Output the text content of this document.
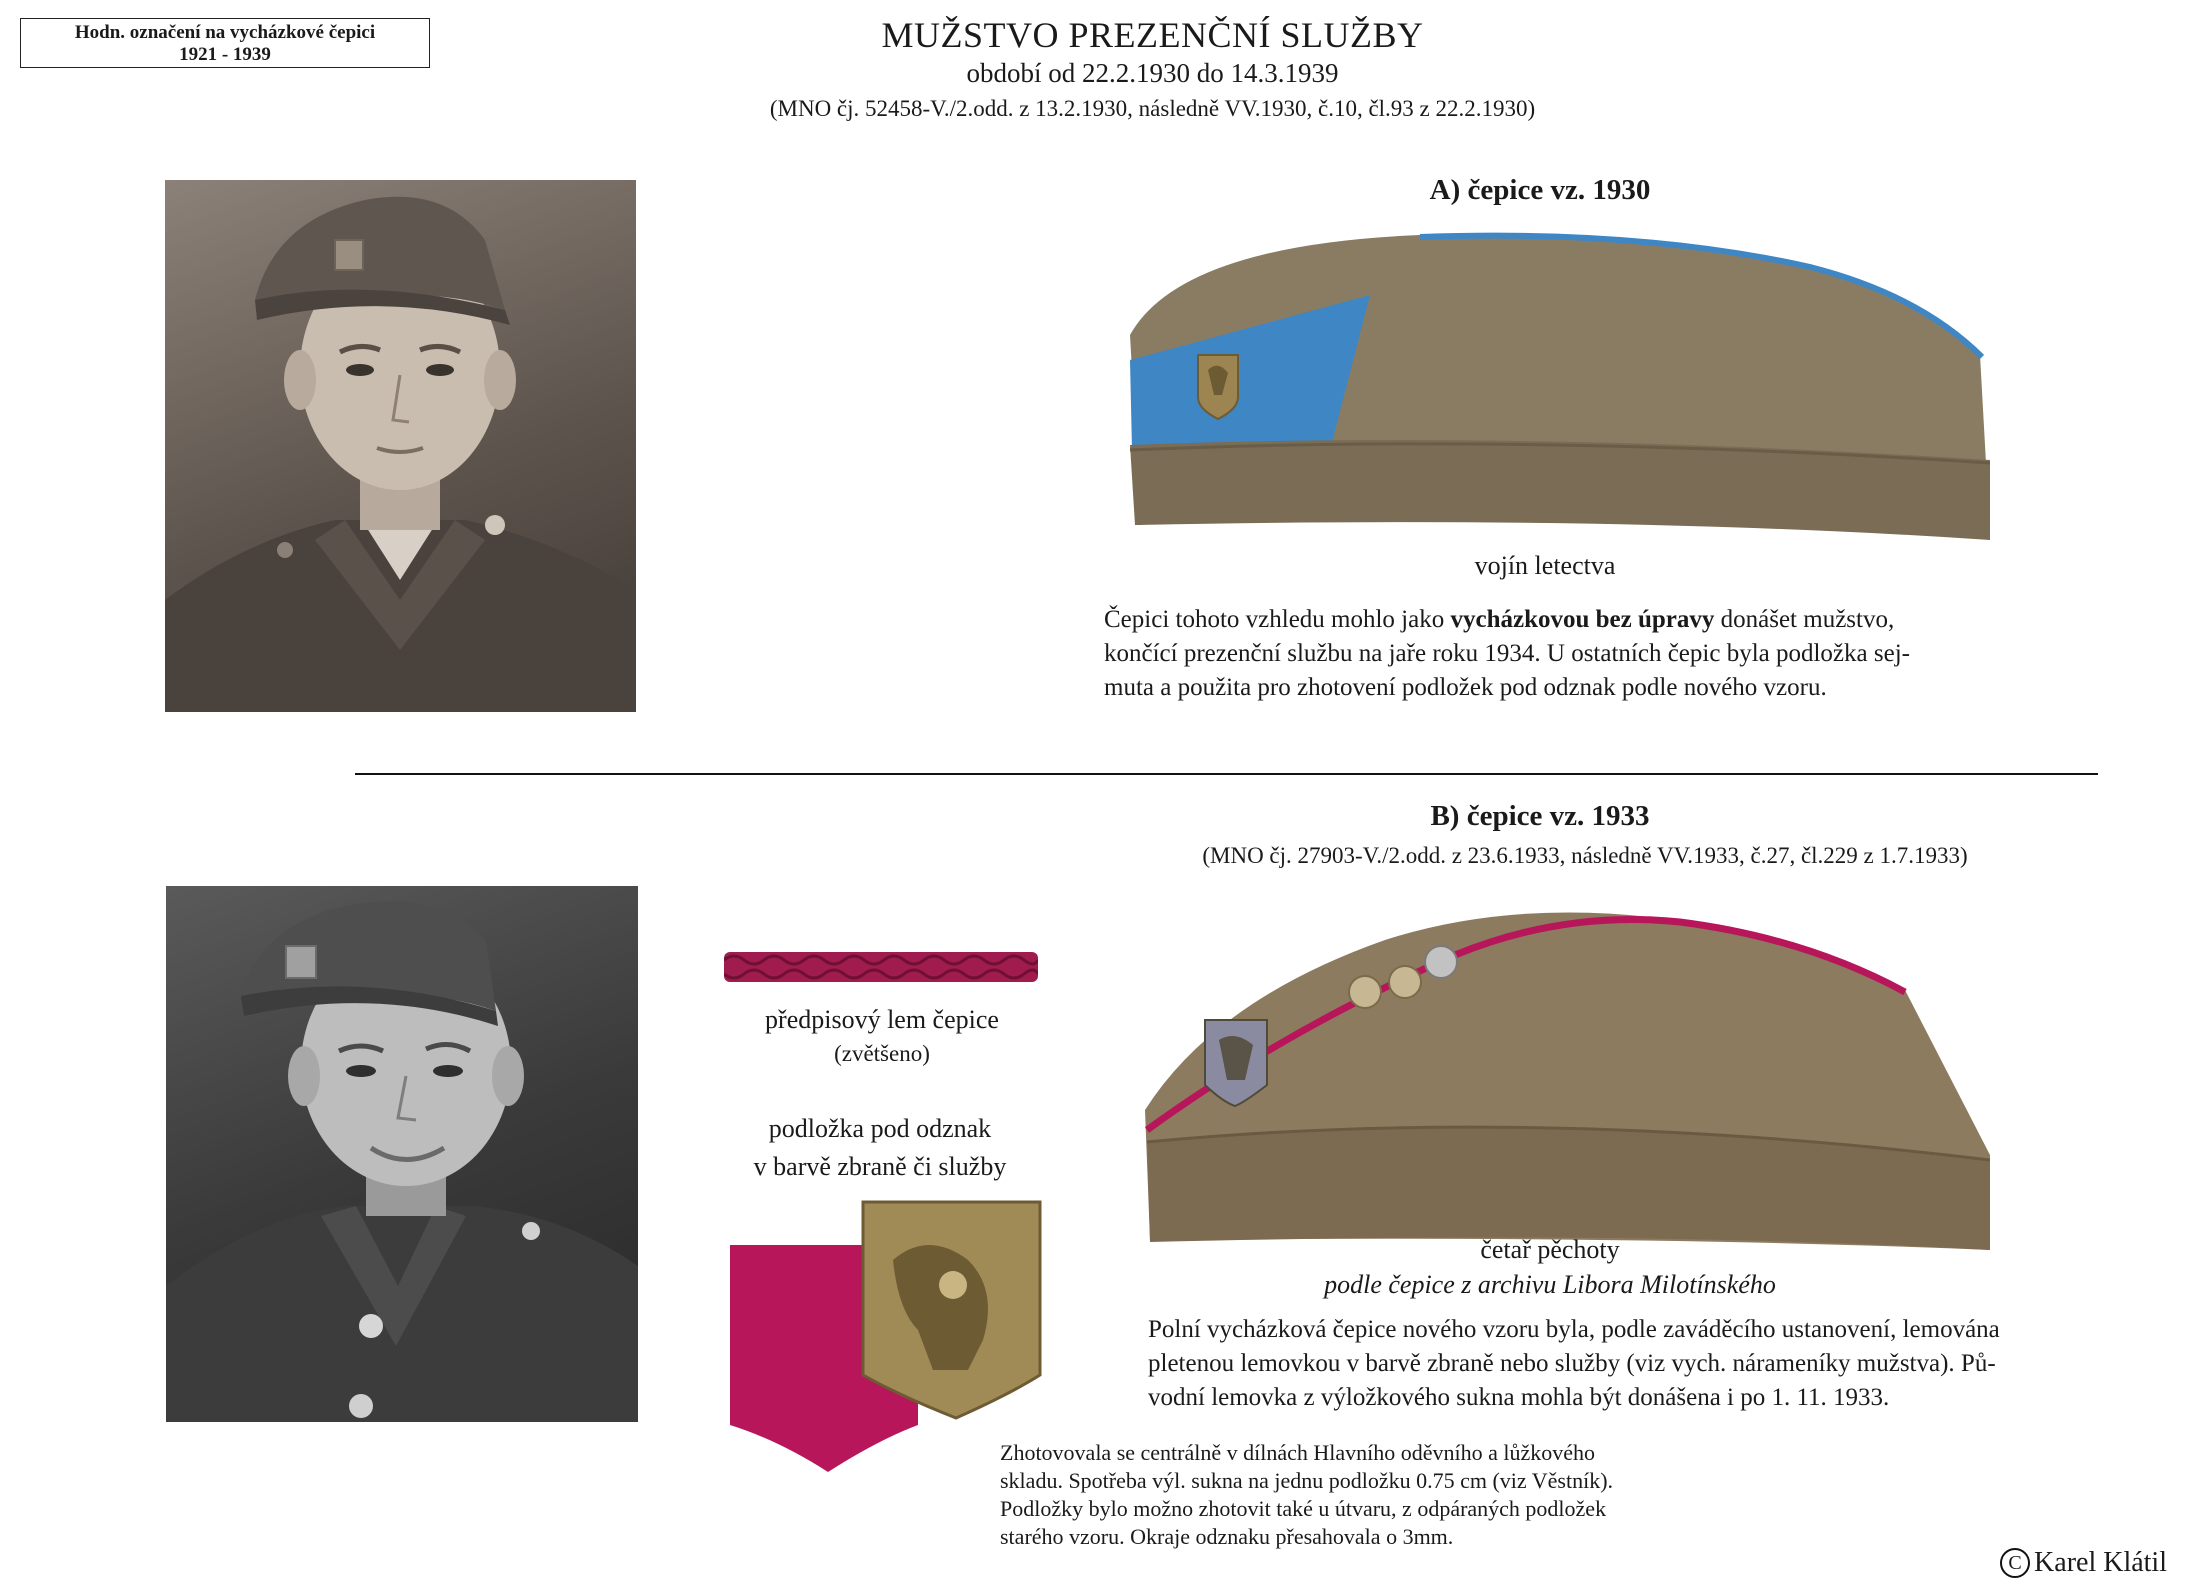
Hodn. označení na vycházkové čepici
1921 - 1939	MUŽSTVO PREZENČNÍ SLUŽBY
období od 22.2.1930 do 14.3.1939
(MNO čj. 52458-V./2.odd. z 13.2.1930, následně VV.1930, č.10, čl.93 z 22.2.1930)
A) čepice vz. 1930
vojín letectva
Čepici tohoto vzhledu mohlo jako vycházkovou bez úpravy donášet mužstvo,
končící prezenční službu na jaře roku 1934. U ostatních čepic byla podložka sej-
muta a použita pro zhotovení podložek pod odznak podle nového vzoru.
B) čepice vz. 1933
(MNO čj. 27903-V./2.odd. z 23.6.1933, následně VV.1933, č.27, čl.229 z 1.7.1933)
předpisový lem čepice
(zvětšeno)
podložka pod odznak
v barvě zbraně či služby
četař pěchoty
podle čepice z archivu Libora Milotínského
Polní vycházková čepice nového vzoru byla, podle zaváděcího ustanovení, lemována
pletenou lemovkou v barvě zbraně nebo služby (viz vych. nárameníky mužstva). Pů-
vodní lemovka z výložkového sukna mohla být donášena i po 1. 11. 1933.
Zhotovovala se centrálně v dílnách Hlavního oděvního a lůžkového
skladu. Spotřeba výl. sukna na jednu podložku 0.75 cm (viz Věstník).
Podložky bylo možno zhotovit také u útvaru, z odpáraných podložek
starého vzoru. Okraje odznaku přesahovala o 3mm.
C Karel Klátil
